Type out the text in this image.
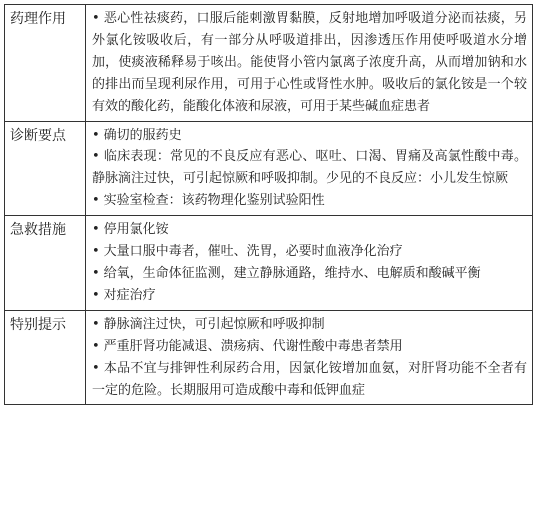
药理作用	• 恶心性祛痰药，口服后能刺激胃黏膜，反射地增加呼吸道分泌而祛痰，另外氯化铵吸收后，有一部分从呼吸道排出，因渗透压作用使呼吸道水分增加，使痰液稀释易于咳出。能使肾小管内氯离子浓度升高，从而增加钠和水的排出而呈现利尿作用，可用于心性或肾性水肿。吸收后的氯化铵是一个较有效的酸化药，能酸化体液和尿液，可用于某些碱血症患者

诊断要点	• 确切的服药史
• 临床表现：常见的不良反应有恶心、呕吐、口渴、胃痛及高氯性酸中毒。静脉滴注过快，可引起惊厥和呼吸抑制。少见的不良反应：小儿发生惊厥
• 实验室检查：该药物理化鉴别试验阳性

急救措施	• 停用氯化铵
• 大量口服中毒者，催吐、洗胃，必要时血液净化治疗
• 给氧，生命体征监测，建立静脉通路，维持水、电解质和酸碱平衡
• 对症治疗

特别提示	• 静脉滴注过快，可引起惊厥和呼吸抑制
• 严重肝肾功能减退、溃疡病、代谢性酸中毒患者禁用
• 本品不宜与排钾性利尿药合用，因氯化铵增加血氨，对肝肾功能不全者有一定的危险。长期服用可造成酸中毒和低钾血症
